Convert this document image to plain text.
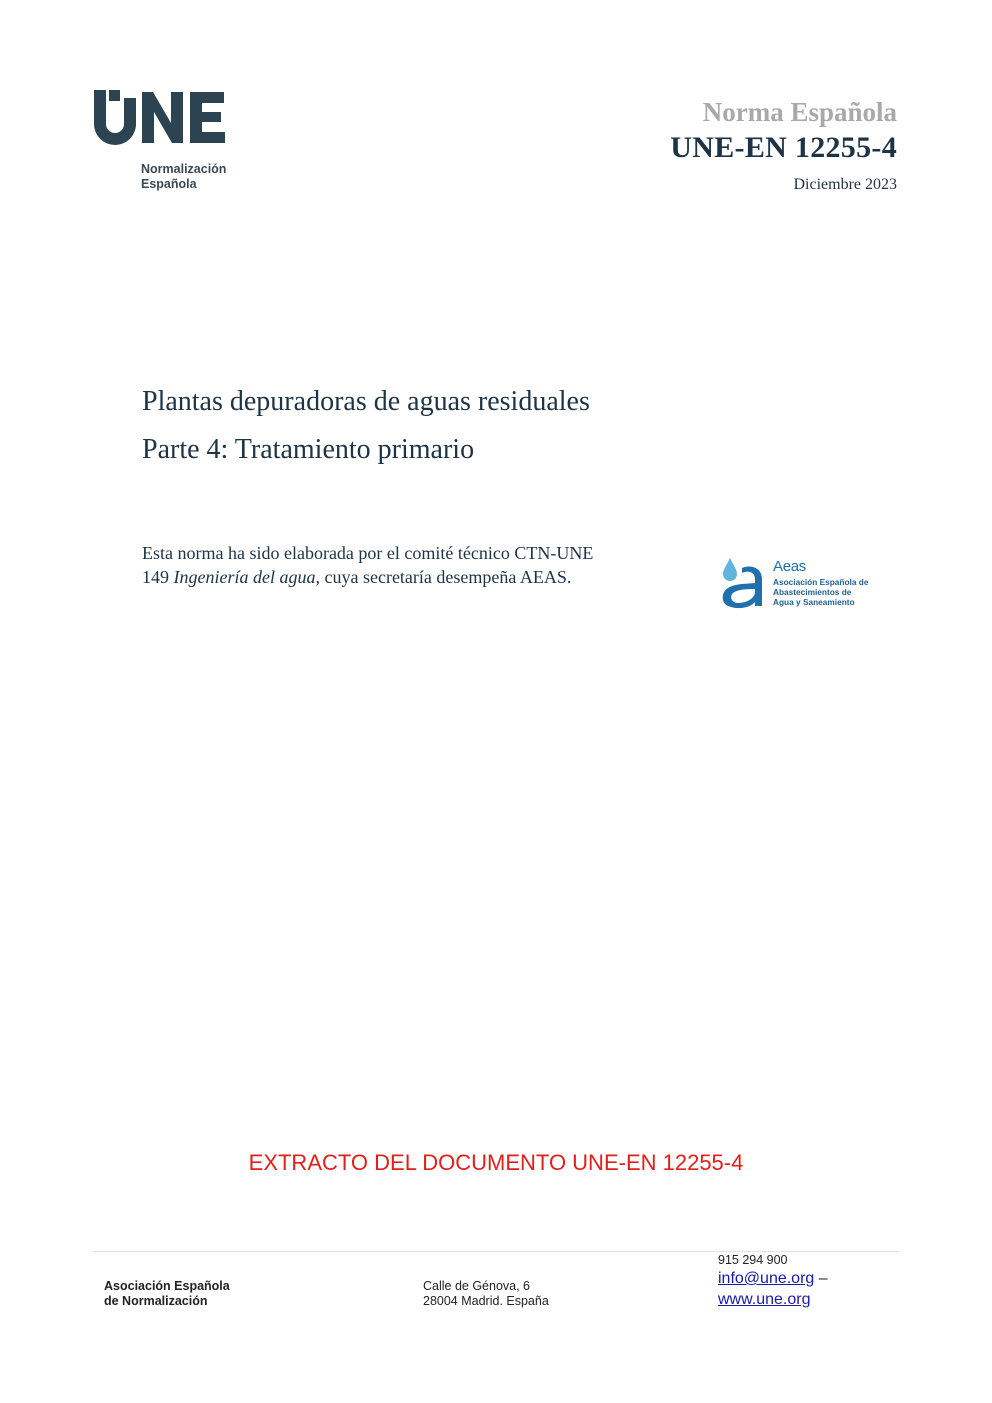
Normalización
Española
Norma Española
UNE-EN 12255-4
Diciembre 2023
Plantas depuradoras de aguas residuales
Parte 4: Tratamiento primario
Esta norma ha sido elaborada por el comité técnico CTN-UNE 149 Ingeniería del agua, cuya secretaría desempeña AEAS.
Aeas
Asociación Española de
Abastecimientos de
Agua y Saneamiento
EXTRACTO DEL DOCUMENTO UNE-EN 12255-4
Asociación Española
de Normalización
Calle de Génova, 6
28004 Madrid. España
915 294 900
info@une.org –
www.une.org
